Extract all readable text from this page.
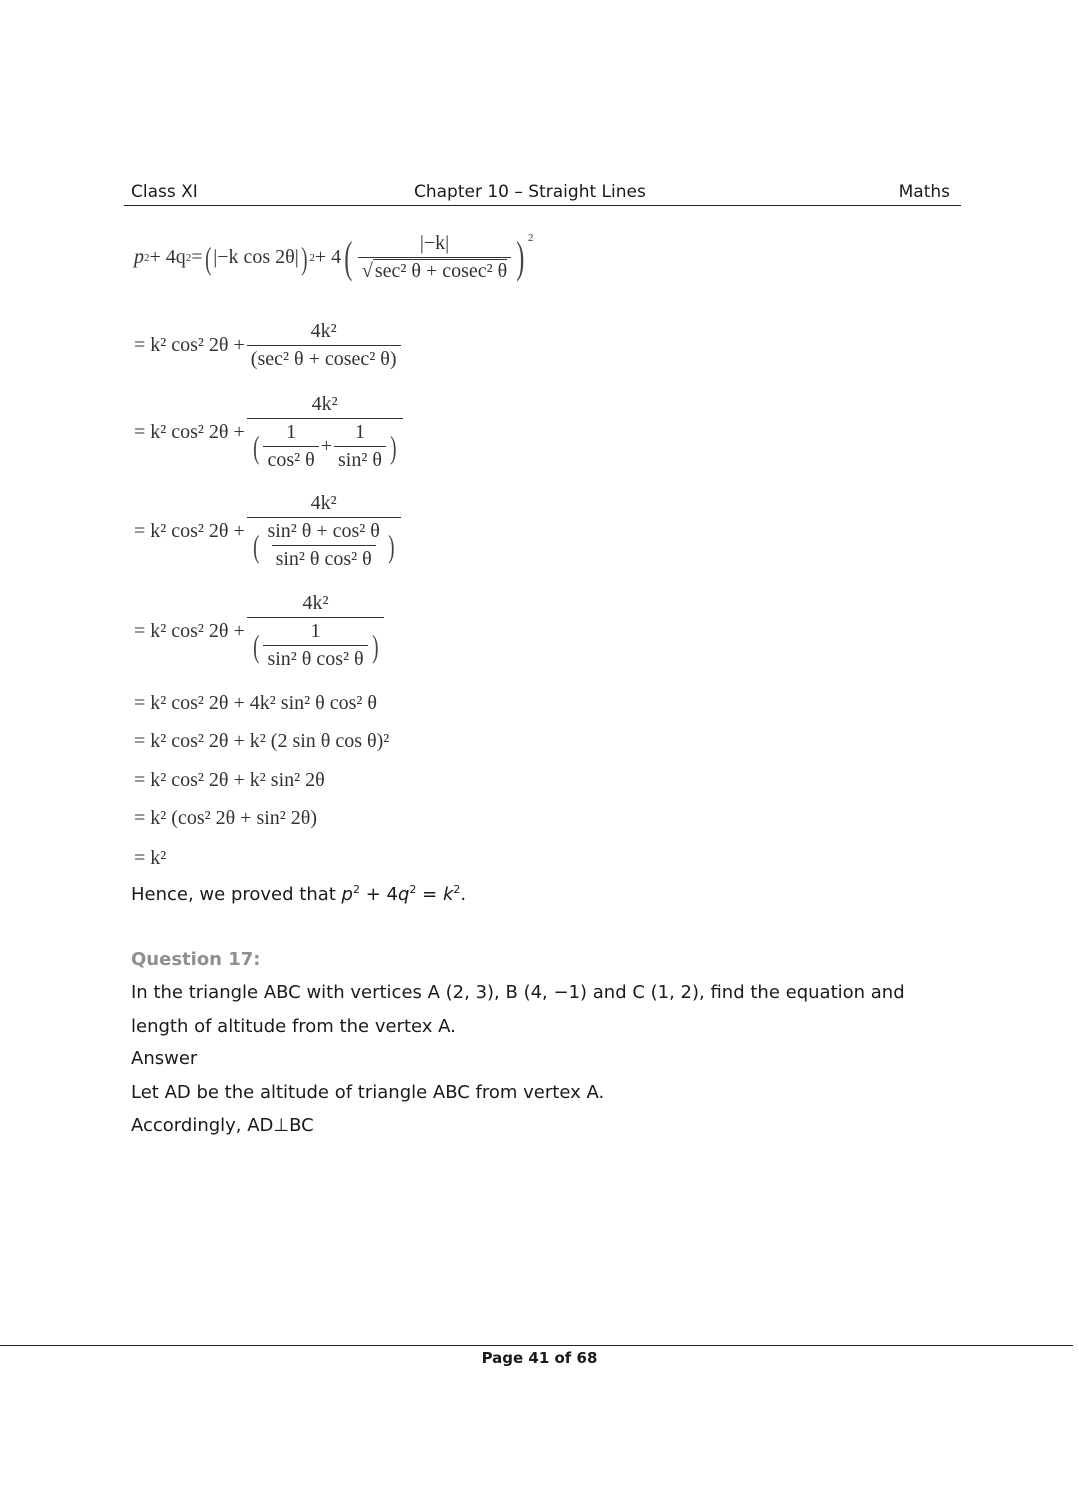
Class XI	Chapter 10 – Straight Lines	Maths
p 2 + 4q 2 = ( |−k cos 2θ| ) 2 + 4 ( $\frac{|-k|}{\text{√ sec² θ + cosec² θ}}$ ) $^2$
= k² cos² $2\theta + \frac{\text{4k²}}{\text{(sec² θ + cosec² θ)}}$
= k² cos² $2\theta + \frac{\text{4k²}}{( \frac{1}{\text{cos² θ}} + \frac{1}{\text{sin² θ}} )}$
= k² cos² $2\theta + \frac{\text{4k²}}{( \frac{\text{sin² θ + cos² θ}}{\text{sin² θ cos² θ}} )}$
= k² cos² $2\theta + \frac{\text{4k²}}{( \frac{1}{\text{sin² θ cos² θ}} )}$
= k² cos² 2θ + 4k² sin² θ cos² θ
= k² cos² 2θ + k² (2 sin θ cos θ)²
= k² cos² 2θ + k² sin² 2θ
= k² (cos² 2θ + sin² 2θ)
= k²
Hence, we proved that $p^2 + 4q^2 = k^2$.
Question 17:
In the triangle ABC with vertices A (2, 3), B (4, −1) and C (1, 2), find the equation and
length of altitude from the vertex A.
Answer
Let AD be the altitude of triangle ABC from vertex A.
Accordingly, AD⊥BC
Page 41 of 68
